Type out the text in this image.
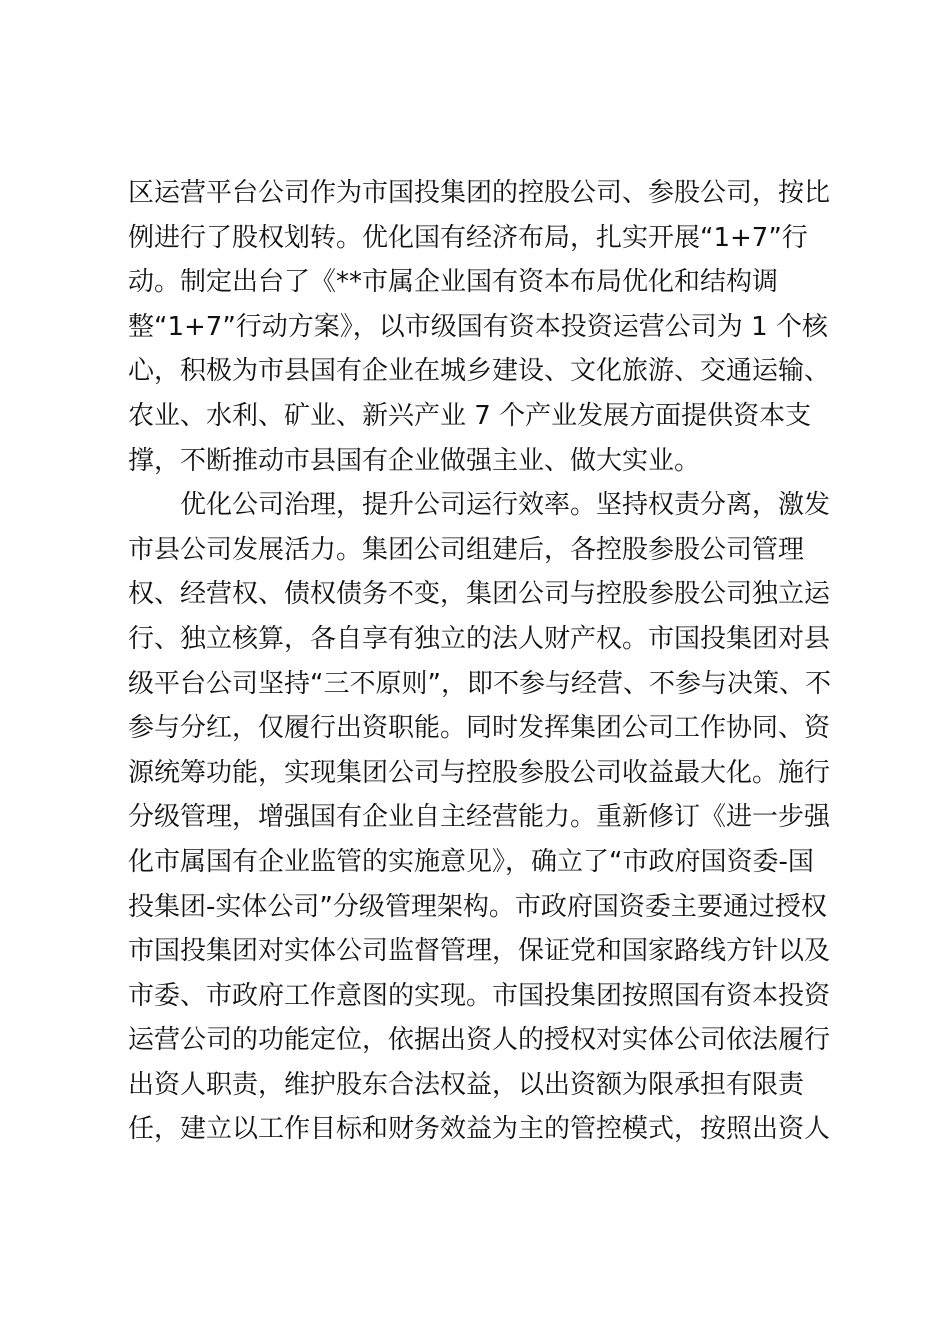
区运营平台公司作为市国投集团的控股公司、参股公司，按比
例进行了股权划转。优化国有经济布局，扎实开展“1+7”行
动。制定出台了《**市属企业国有资本布局优化和结构调
整“1+7”行动方案》，以市级国有资本投资运营公司为 1 个核
心，积极为市县国有企业在城乡建设、文化旅游、交通运输、
农业、水利、矿业、新兴产业 7 个产业发展方面提供资本支
撑，不断推动市县国有企业做强主业、做大实业。
优化公司治理，提升公司运行效率。坚持权责分离，激发
市县公司发展活力。集团公司组建后，各控股参股公司管理
权、经营权、债权债务不变，集团公司与控股参股公司独立运
行、独立核算，各自享有独立的法人财产权。市国投集团对县
级平台公司坚持“三不原则”，即不参与经营、不参与决策、不
参与分红，仅履行出资职能。同时发挥集团公司工作协同、资
源统筹功能，实现集团公司与控股参股公司收益最大化。施行
分级管理，增强国有企业自主经营能力。重新修订《进一步强
化市属国有企业监管的实施意见》，确立了“市政府国资委-国
投集团-实体公司”分级管理架构。市政府国资委主要通过授权
市国投集团对实体公司监督管理，保证党和国家路线方针以及
市委、市政府工作意图的实现。市国投集团按照国有资本投资
运营公司的功能定位，依据出资人的授权对实体公司依法履行
出资人职责，维护股东合法权益，以出资额为限承担有限责
任，建立以工作目标和财务效益为主的管控模式，按照出资人
